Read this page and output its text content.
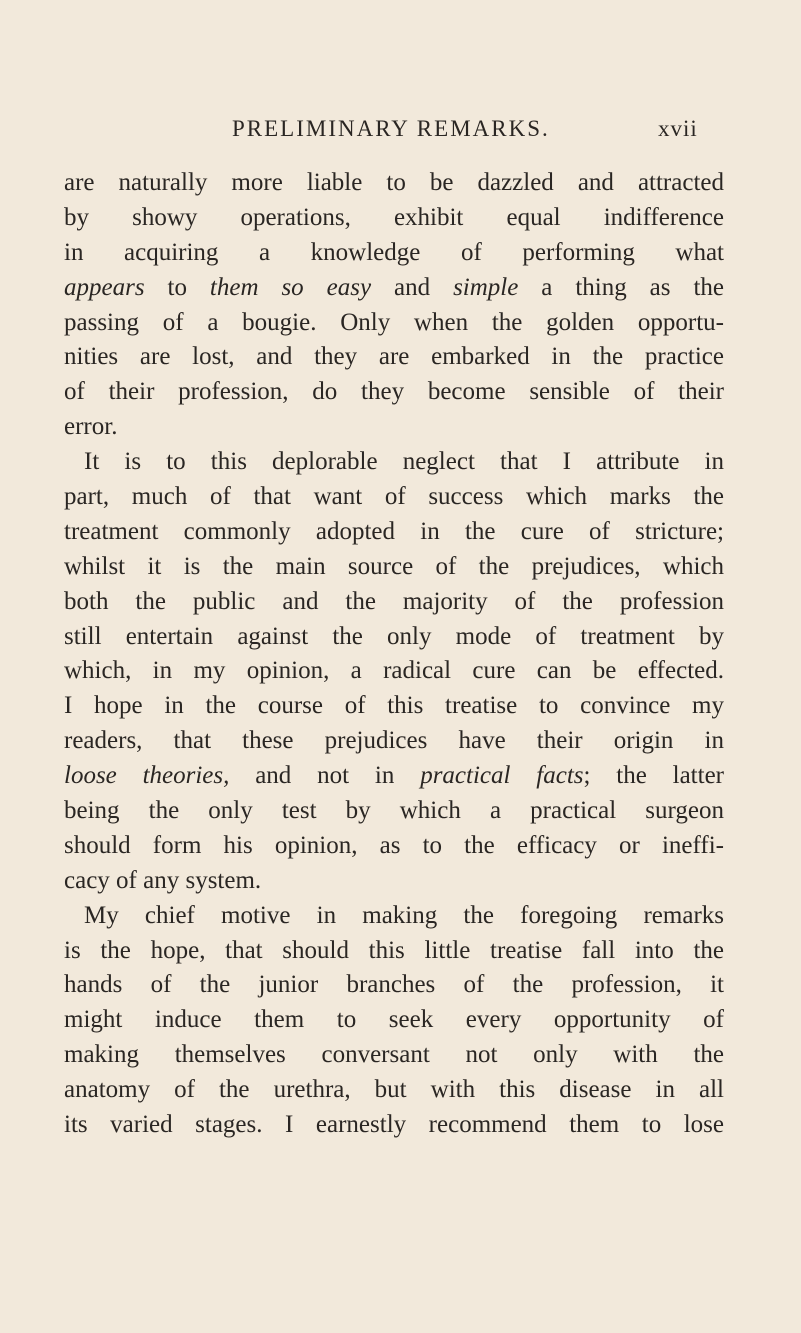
PRELIMINARY REMARKS.	xvii
are naturally more liable to be dazzled and attracted
by showy operations, exhibit equal indifference
in acquiring a knowledge of performing what
appears to them so easy and simple a thing as the
passing of a bougie. Only when the golden opportu-
nities are lost, and they are embarked in the practice
of their profession, do they become sensible of their
error.
It is to this deplorable neglect that I attribute in
part, much of that want of success which marks the
treatment commonly adopted in the cure of stricture;
whilst it is the main source of the prejudices, which
both the public and the majority of the profession
still entertain against the only mode of treatment by
which, in my opinion, a radical cure can be effected.
I hope in the course of this treatise to convince my
readers, that these prejudices have their origin in
loose theories, and not in practical facts; the latter
being the only test by which a practical surgeon
should form his opinion, as to the efficacy or ineffi-
cacy of any system.
My chief motive in making the foregoing remarks
is the hope, that should this little treatise fall into the
hands of the junior branches of the profession, it
might induce them to seek every opportunity of
making themselves conversant not only with the
anatomy of the urethra, but with this disease in all
its varied stages. I earnestly recommend them to lose
